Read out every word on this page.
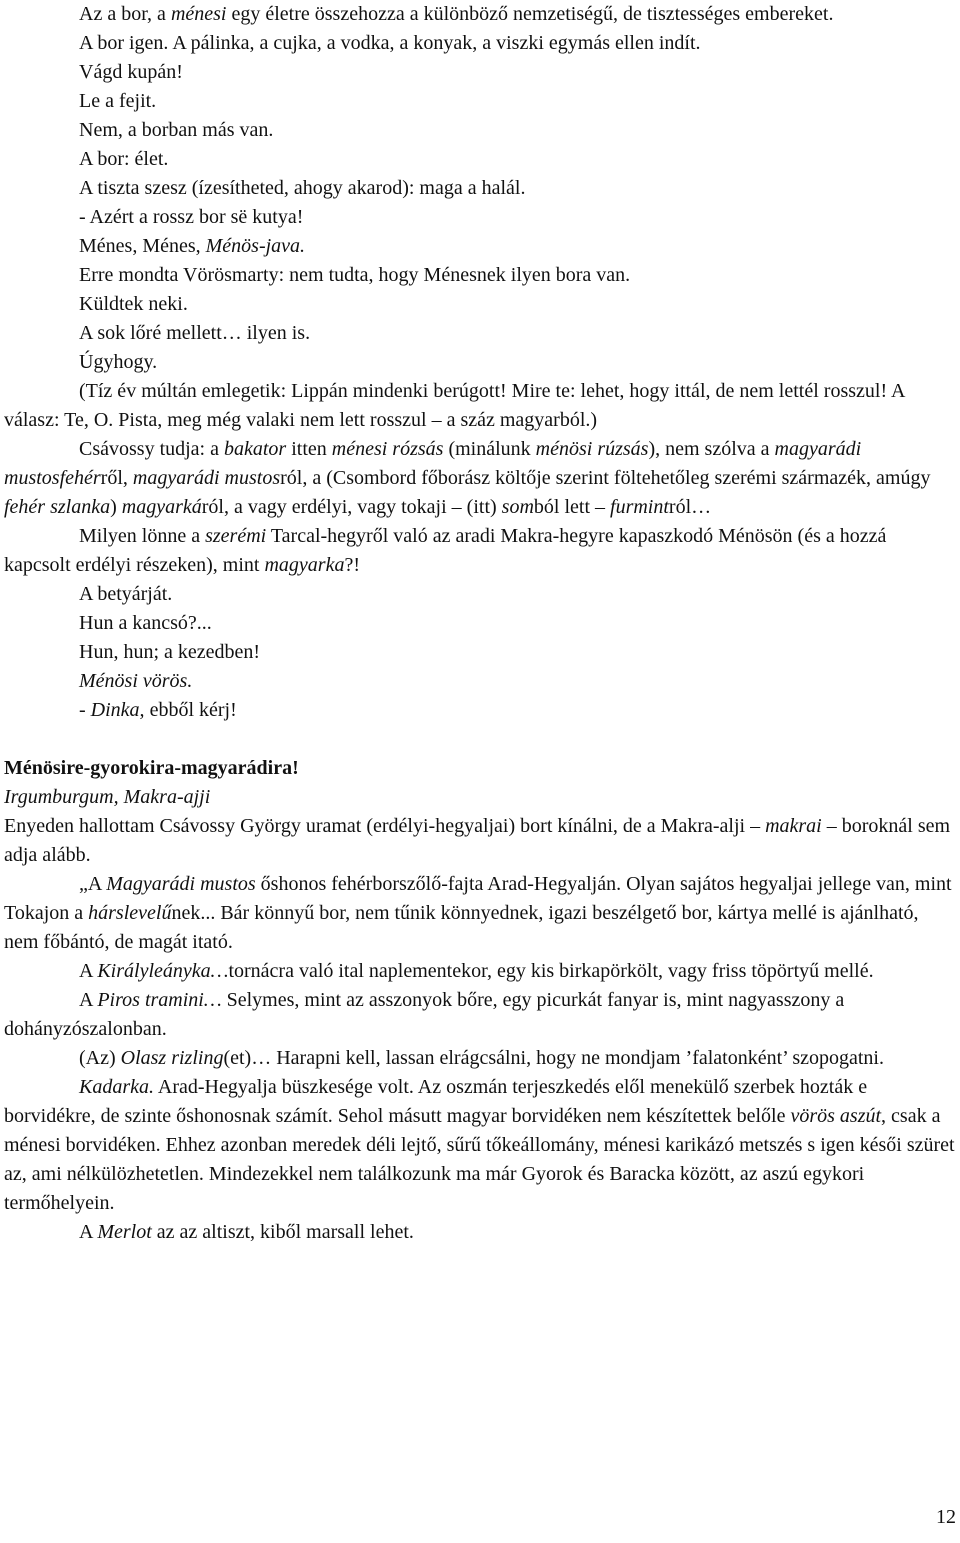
Az a bor, a ménesi egy életre összehozza a különböző nemzetiségű, de tisztességes embereket.

A bor igen. A pálinka, a cujka, a vodka, a konyak, a viszki egymás ellen indít.

Vágd kupán!

Le a fejit.

Nem, a borban más van.

A bor: élet.

A tiszta szesz (ízesítheted, ahogy akarod): maga a halál.

- Azért a rossz bor së kutya!

Ménes, Ménes, Ménös-java.

Erre mondta Vörösmarty: nem tudta, hogy Ménesnek ilyen bora van.

Küldtek neki.

A sok lőré mellett… ilyen is.

Úgyhogy.

(Tíz év múltán emlegetik: Lippán mindenki berúgott! Mire te: lehet, hogy ittál, de nem lettél rosszul! A válasz: Te, O. Pista, meg még valaki nem lett rosszul – a száz magyarból.)

Csávossy tudja: a bakator itten ménesi rózsás (minálunk ménösi rúzsás), nem szólva a magyarádi mustosfehérről, magyarádi mustosról, a (Csombord főborász költője szerint föltehetőleg szerémi származék, amúgy fehér szlanka) magyarkáról, a vagy erdélyi, vagy tokaji – (itt) somból lett – furmintról…

Milyen lönne a szerémi Tarcal-hegyről való az aradi Makra-hegyre kapaszkodó Ménösön (és a hozzá kapcsolt erdélyi részeken), mint magyarka?!

A betyárját.

Hun a kancsó?...

Hun, hun; a kezedben!

Ménösi vörös.

- Dinka, ebből kérj!

Ménösire-gyorokira-magyarádira!

Irgumburgum, Makra-ajji

Enyeden hallottam Csávossy György uramat (erdélyi-hegyaljai) bort kínálni, de a Makra-alji – makrai – boroknál sem adja alább.

„A Magyarádi mustos őshonos fehérborszőlő-fajta Arad-Hegyalján. Olyan sajátos hegyaljai jellege van, mint Tokajon a hárslevelűnek... Bár könnyű bor, nem tűnik könnyednek, igazi beszélgető bor, kártya mellé is ajánlható, nem főbántó, de magát itató.

A Királyleányka…tornácra való ital naplementekor, egy kis birkapörkölt, vagy friss töpörtyű mellé.

A Piros tramini… Selymes, mint az asszonyok bőre, egy picurkát fanyar is, mint nagyasszony a dohányzószalonban.

(Az) Olasz rizling(et)… Harapni kell, lassan elrágcsálni, hogy ne mondjam ’falatonként’ szopogatni.

Kadarka. Arad-Hegyalja büszkesége volt. Az oszmán terjeszkedés elől menekülő szerbek hozták e borvidékre, de szinte őshonosnak számít. Sehol másutt magyar borvidéken nem készítettek belőle vörös aszút, csak a ménesi borvidéken. Ehhez azonban meredek déli lejtő, sűrű tőkeállomány, ménesi karikázó metszés s igen késői szüret az, ami nélkülözhetetlen. Mindezekkel nem találkozunk ma már Gyorok és Baracka között, az aszú egykori termőhelyein.

A Merlot az az altiszt, kiből marsall lehet.

12
